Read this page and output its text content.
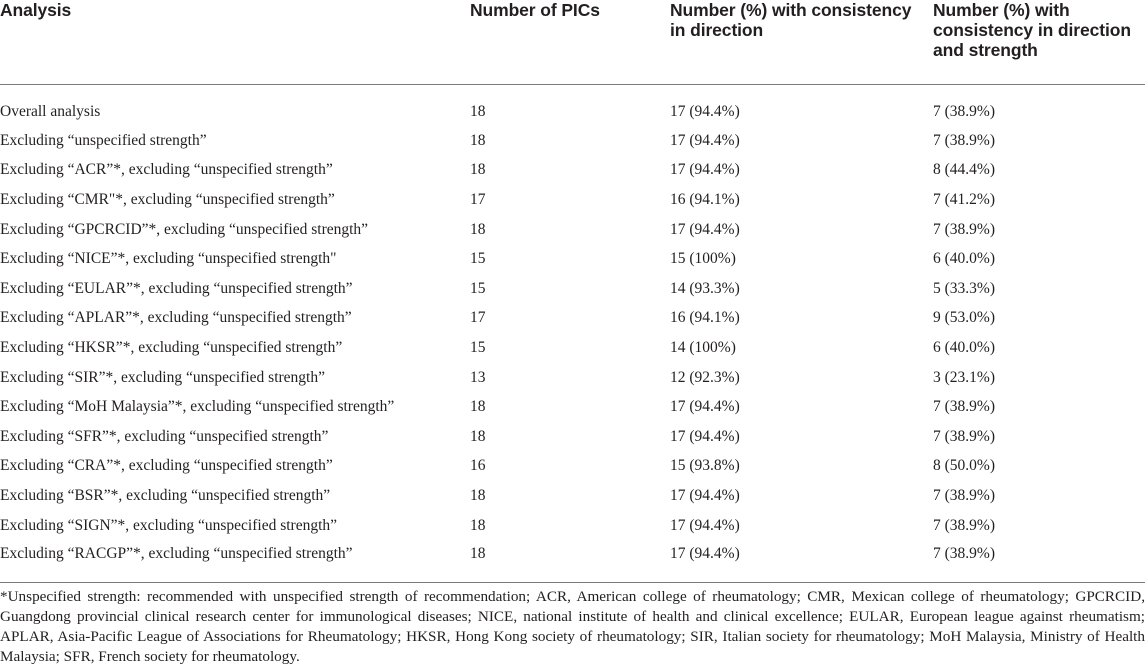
Analysis	Number of PICs	Number (%) with consistency in direction	Number (%) with consistency in direction and strength
Overall analysis	18	17 (94.4%)	7 (38.9%)
Excluding “unspecified strength”	18	17 (94.4%)	7 (38.9%)
Excluding “ACR”*, excluding “unspecified strength”	18	17 (94.4%)	8 (44.4%)
Excluding “CMR"*, excluding “unspecified strength”	17	16 (94.1%)	7 (41.2%)
Excluding “GPCRCID”*, excluding “unspecified strength”	18	17 (94.4%)	7 (38.9%)
Excluding “NICE”*, excluding “unspecified strength"	15	15 (100%)	6 (40.0%)
Excluding “EULAR”*, excluding “unspecified strength”	15	14 (93.3%)	5 (33.3%)
Excluding “APLAR”*, excluding “unspecified strength”	17	16 (94.1%)	9 (53.0%)
Excluding “HKSR”*, excluding “unspecified strength”	15	14 (100%)	6 (40.0%)
Excluding “SIR”*, excluding “unspecified strength”	13	12 (92.3%)	3 (23.1%)
Excluding “MoH Malaysia”*, excluding “unspecified strength”	18	17 (94.4%)	7 (38.9%)
Excluding “SFR”*, excluding “unspecified strength”	18	17 (94.4%)	7 (38.9%)
Excluding “CRA”*, excluding “unspecified strength”	16	15 (93.8%)	8 (50.0%)
Excluding “BSR”*, excluding “unspecified strength”	18	17 (94.4%)	7 (38.9%)
Excluding “SIGN”*, excluding “unspecified strength”	18	17 (94.4%)	7 (38.9%)
Excluding “RACGP”*, excluding “unspecified strength”	18	17 (94.4%)	7 (38.9%)
*Unspecified strength: recommended with unspecified strength of recommendation; ACR, American college of rheumatology; CMR, Mexican college of rheumatology; GPCRCID, Guangdong provincial clinical research center for immunological diseases; NICE, national institute of health and clinical excellence; EULAR, European league against rheumatism; APLAR, Asia-Pacific League of Associations for Rheumatology; HKSR, Hong Kong society of rheumatology; SIR, Italian society for rheumatology; MoH Malaysia, Ministry of Health Malaysia; SFR, French society for rheumatology.
